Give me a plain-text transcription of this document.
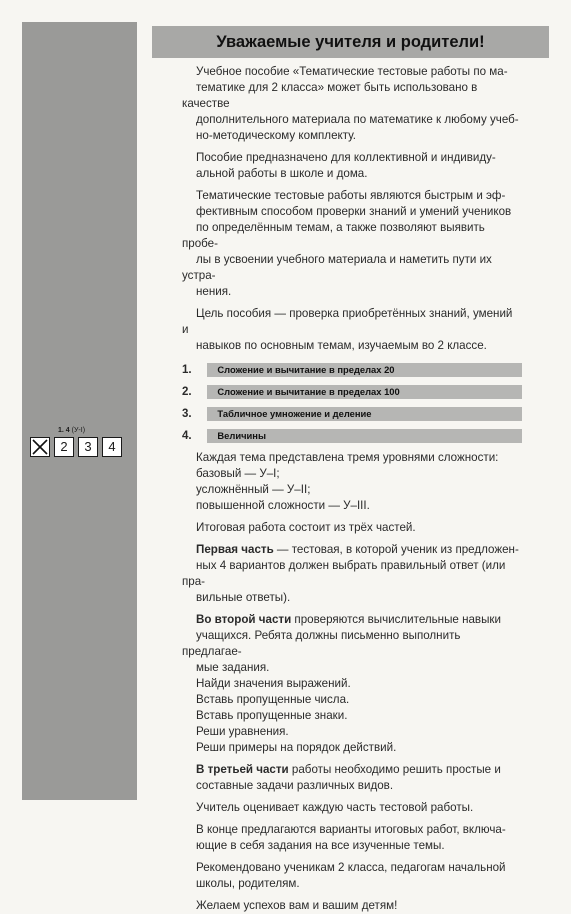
1. 4 (У-I)
2	3	4
Уважаемые учителя и родители!

Учебное пособие «Тематические тестовые работы по ма-
тематике для 2 класса» может быть использовано в качестве
дополнительного материала по математике к любому учеб-
но-методическому комплекту.

Пособие предназначено для коллективной и индивиду-
альной работы в школе и дома.

Тематические тестовые работы являются быстрым и эф-
фективным способом проверки знаний и умений учеников
по определённым темам, а также позволяют выявить пробе-
лы в усвоении учебного материала и наметить пути их устра-
нения.

Цель пособия — проверка приобретённых знаний, умений и
навыков по основным темам, изучаемым во 2 классе.

1.	Сложение и вычитание в пределах 20
2.	Сложение и вычитание в пределах 100
3.	Табличное умножение и деление
4.	Величины

Каждая тема представлена тремя уровнями сложности:
базовый — У–I;
усложнённый — У–II;
повышенной сложности — У–III.

Итоговая работа состоит из трёх частей.

Первая часть — тестовая, в которой ученик из предложен-
ных 4 вариантов должен выбрать правильный ответ (или пра-
вильные ответы).

Во второй части проверяются вычислительные навыки
учащихся. Ребята должны письменно выполнить предлагае-
мые задания.

Найди значения выражений.
Вставь пропущенные числа.
Вставь пропущенные знаки.
Реши уравнения.
Реши примеры на порядок действий.

В третьей части работы необходимо решить простые и
составные задачи различных видов.

Учитель оценивает каждую часть тестовой работы.

В конце предлагаются варианты итоговых работ, включа-
ющие в себя задания на все изученные темы.

Рекомендовано ученикам 2 класса, педагогам начальной
школы, родителям.

Желаем успехов вам и вашим детям!
